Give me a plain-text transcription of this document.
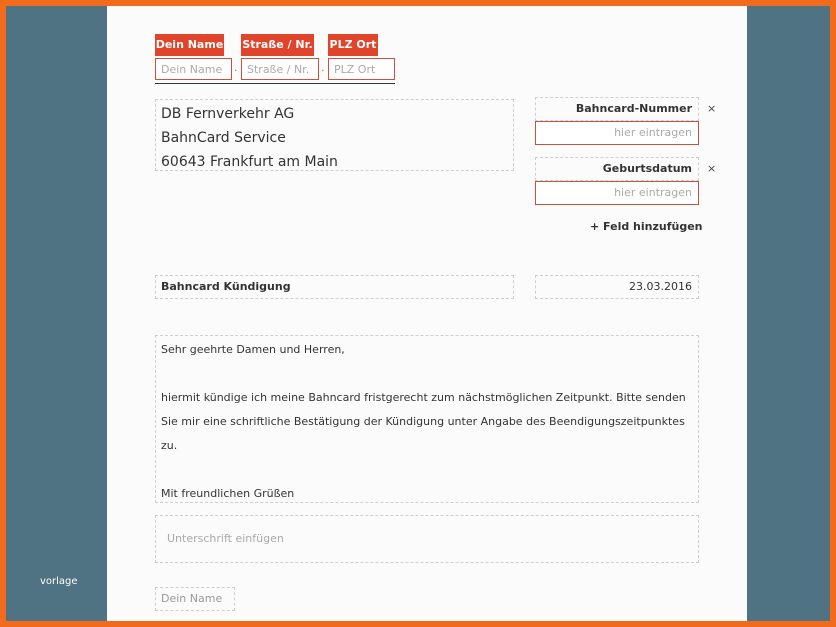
vorlage
Dein Name Straße / Nr. PLZ Ort
Dein Name	· Straße / Nr.	· PLZ Ort
DB Fernverkehr AG
BahnCard Service
60643 Frankfurt am Main
Bahncard-Nummer	×
hier eintragen
Geburtsdatum	×
hier eintragen
+ Feld hinzufügen
Bahncard Kündigung	23.03.2016
Sehr geehrte Damen und Herren,
hiermit kündige ich meine Bahncard fristgerecht zum nächstmöglichen Zeitpunkt. Bitte senden
Sie mir eine schriftliche Bestätigung der Kündigung unter Angabe des Beendigungszeitpunktes
zu.
Mit freundlichen Grüßen
Unterschrift einfügen
Dein Name
